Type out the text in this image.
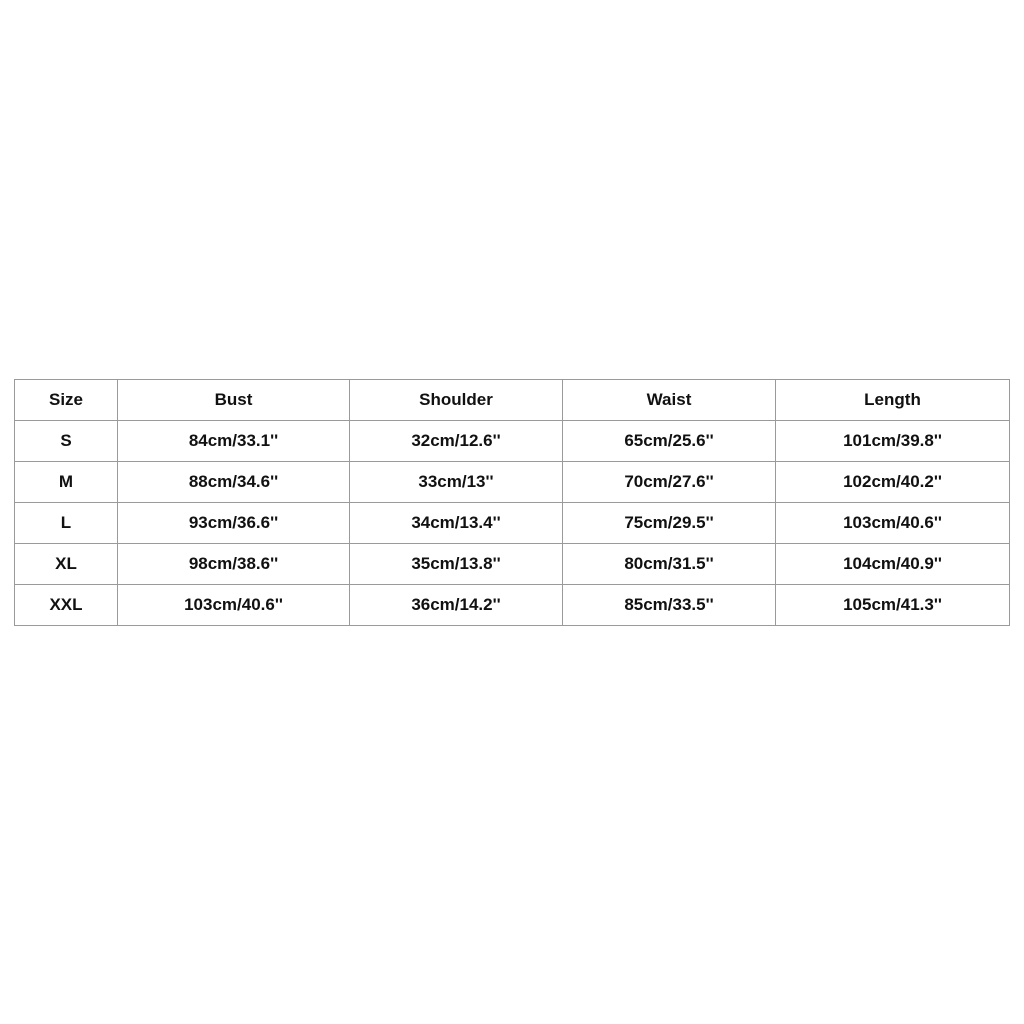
Size	Bust	Shoulder	Waist	Length
S	84cm/33.1''	32cm/12.6''	65cm/25.6''	101cm/39.8''
M	88cm/34.6''	33cm/13''	70cm/27.6''	102cm/40.2''
L	93cm/36.6''	34cm/13.4''	75cm/29.5''	103cm/40.6''
XL	98cm/38.6''	35cm/13.8''	80cm/31.5''	104cm/40.9''
XXL	103cm/40.6''	36cm/14.2''	85cm/33.5''	105cm/41.3''
